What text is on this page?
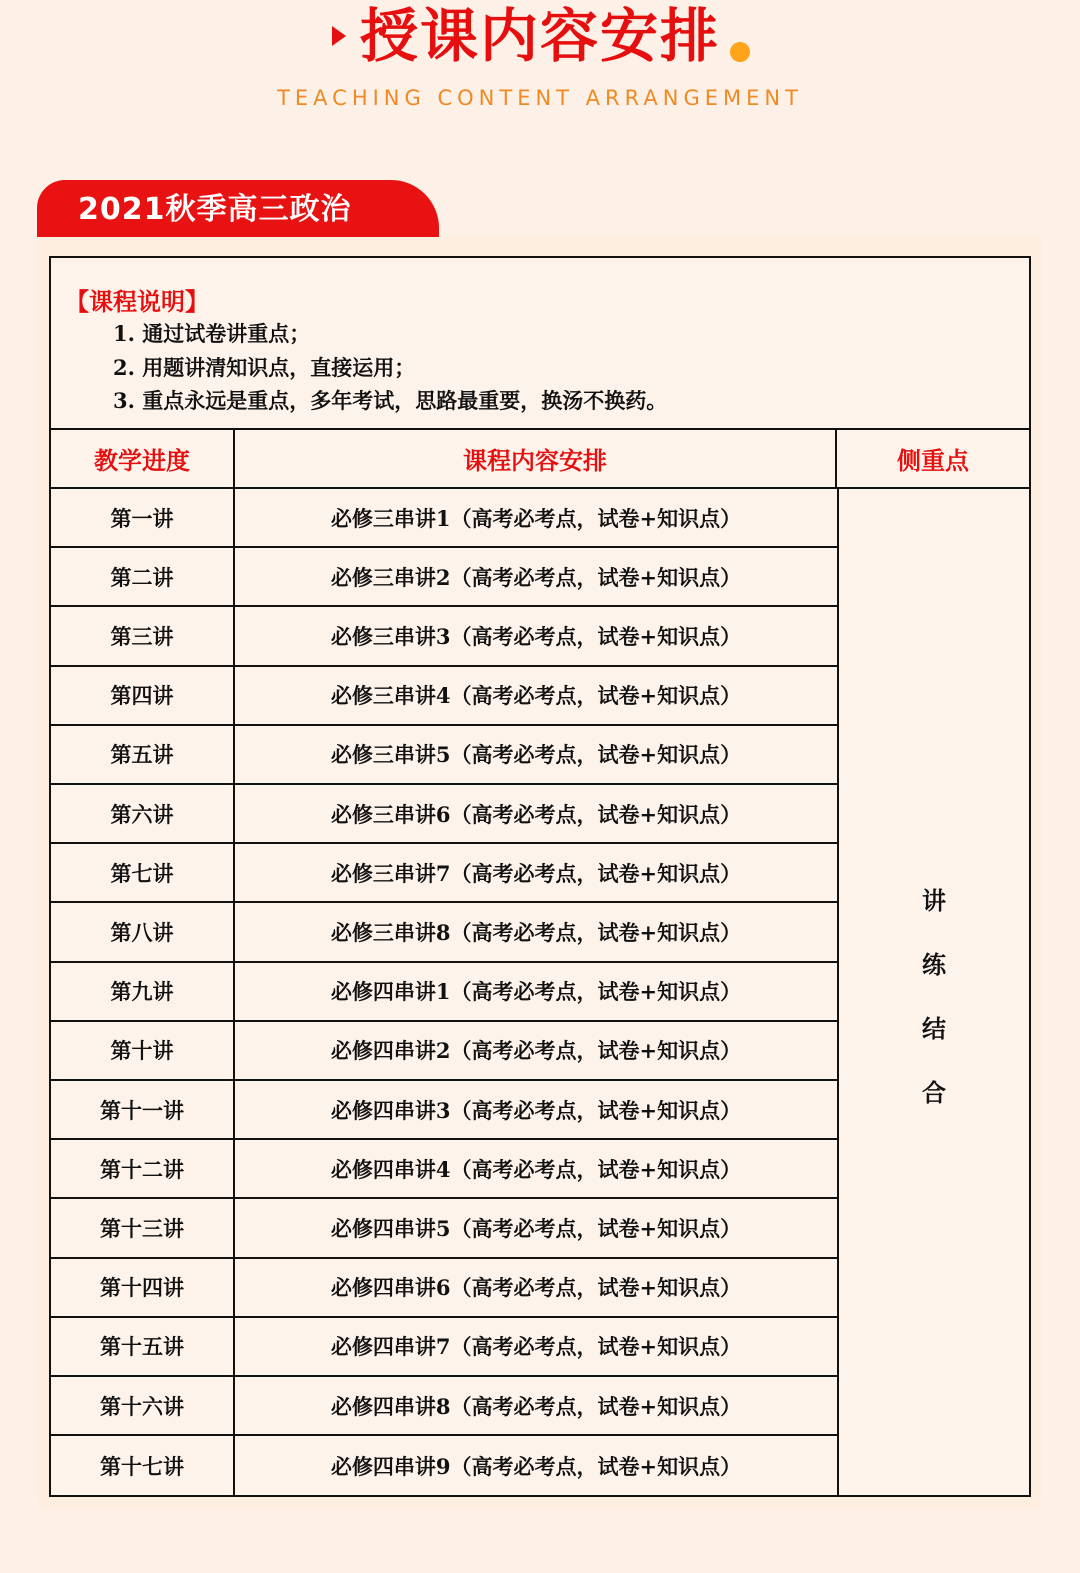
授课内容安排
TEACHING CONTENT ARRANGEMENT
2021秋季高三政治
【课程说明】
1. 通过试卷讲重点；
2. 用题讲清知识点，直接运用；
3. 重点永远是重点，多年考试，思路最重要，换汤不换药。
教学进度	课程内容安排	侧重点
第一讲	必修三串讲1（高考必考点，试卷+知识点）
第二讲	必修三串讲2（高考必考点，试卷+知识点）
第三讲	必修三串讲3（高考必考点，试卷+知识点）
第四讲	必修三串讲4（高考必考点，试卷+知识点）
第五讲	必修三串讲5（高考必考点，试卷+知识点）
第六讲	必修三串讲6（高考必考点，试卷+知识点）
第七讲	必修三串讲7（高考必考点，试卷+知识点）
第八讲	必修三串讲8（高考必考点，试卷+知识点）
第九讲	必修四串讲1（高考必考点，试卷+知识点）
第十讲	必修四串讲2（高考必考点，试卷+知识点）
第十一讲	必修四串讲3（高考必考点，试卷+知识点）
第十二讲	必修四串讲4（高考必考点，试卷+知识点）
第十三讲	必修四串讲5（高考必考点，试卷+知识点）
第十四讲	必修四串讲6（高考必考点，试卷+知识点）
第十五讲	必修四串讲7（高考必考点，试卷+知识点）
第十六讲	必修四串讲8（高考必考点，试卷+知识点）
第十七讲	必修四串讲9（高考必考点，试卷+知识点）
讲
练
结
合
